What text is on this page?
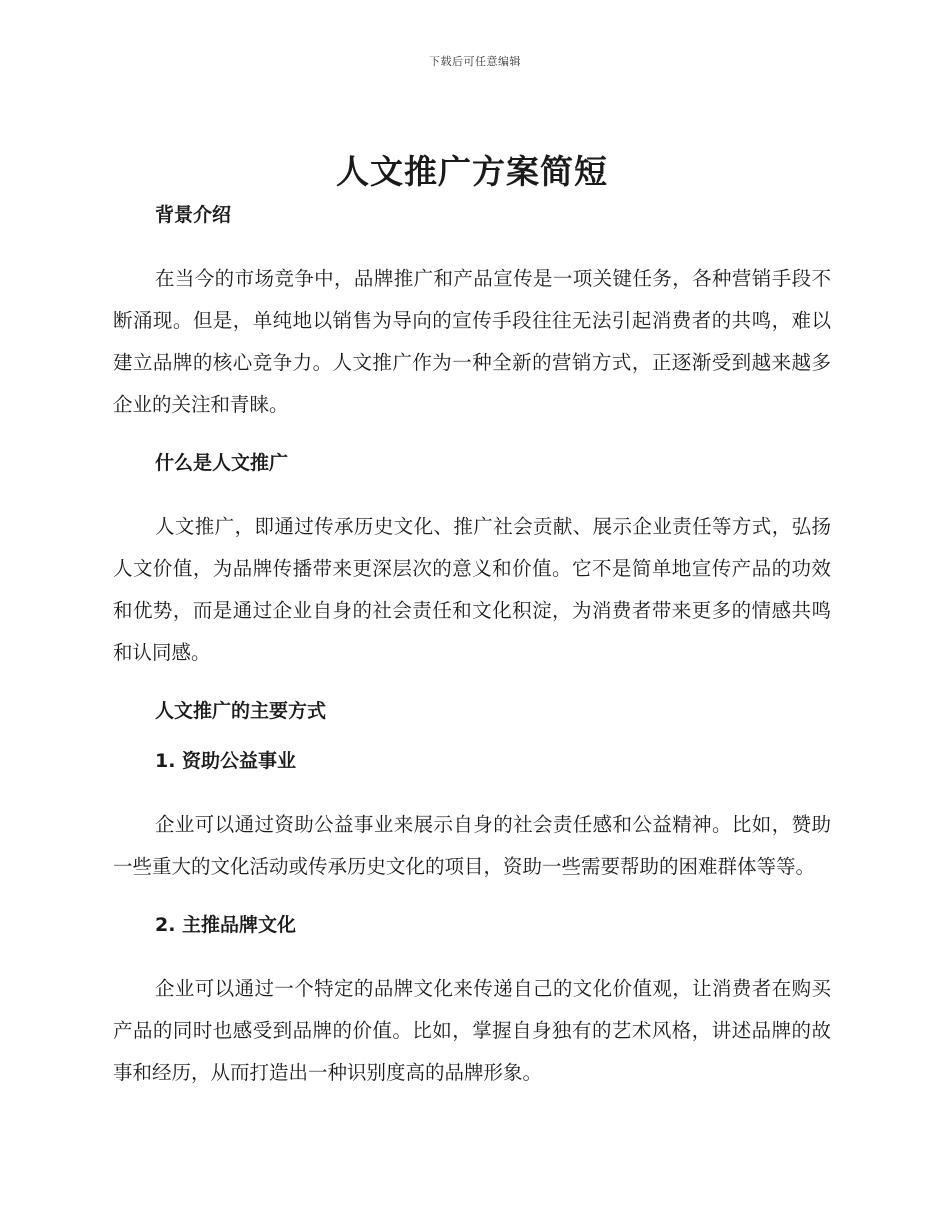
下载后可任意编辑
人文推广方案简短
背景介绍

在当今的市场竞争中，品牌推广和产品宣传是一项关键任务，各种营销手段不断涌现。但是，单纯地以销售为导向的宣传手段往往无法引起消费者的共鸣，难以建立品牌的核心竞争力。人文推广作为一种全新的营销方式，正逐渐受到越来越多企业的关注和青睐。

什么是人文推广

人文推广，即通过传承历史文化、推广社会贡献、展示企业责任等方式，弘扬人文价值，为品牌传播带来更深层次的意义和价值。它不是简单地宣传产品的功效和优势，而是通过企业自身的社会责任和文化积淀，为消费者带来更多的情感共鸣和认同感。

人文推广的主要方式
1. 资助公益事业

企业可以通过资助公益事业来展示自身的社会责任感和公益精神。比如，赞助一些重大的文化活动或传承历史文化的项目，资助一些需要帮助的困难群体等等。

2. 主推品牌文化

企业可以通过一个特定的品牌文化来传递自己的文化价值观，让消费者在购买产品的同时也感受到品牌的价值。比如，掌握自身独有的艺术风格，讲述品牌的故事和经历，从而打造出一种识别度高的品牌形象。
